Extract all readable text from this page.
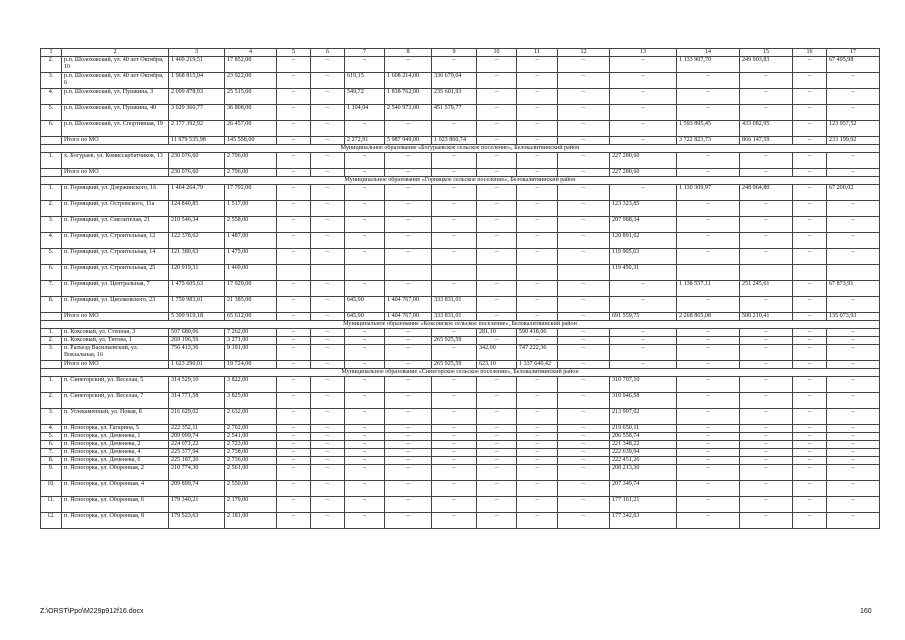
1	2	3	4	5	6	7	8	9	10	11	12	13	14	15	16	17
2.	р.п. Шолоховский, ул. 40 лет Октября, 10	1 469 219,51	17 852,00	–	–	–	–	–	–	–	–	–	1 133 907,70	249 903,83	–	67 495,98
3.	р.п. Шолоховский, ул. 40 лет Октября, 6	1 968 815,04	23 922,00	–	–	619,15	1 608 214,00	336 679,04	–	–	–	–	–	–	–	–
4.	р.п. Шолоховский, ул. Пушкина, 3	2 099 878,93	25 515,00	–	–	549,72	1 838 762,00	235 601,93	–	–	–	–	–	–	–	–
5.	р.п. Шолоховский, ул. Пушкина, 40	3 029 360,77	36 808,00	–	–	1 104,04	2 540 973,00	451 579,77	–	–	–	–	–	–	–	–
6.	р.п. Шолоховский, ул. Спортивная, 19	2 177 392,92	26 457,00	–	–	–	–	–	–	–	–	–	1 593 895,45	433 082,95	–	123 957,52
	Итого по МО	11 979 535,98	145 558,00	–	–	2 272,91	5 987 949,00	1 023 860,74	–	–	–	–	3 722 823,73	866 147,59	–	233 199,92
Муниципальное образование «Богураевское сельское поселение», Белокалитвинский район																
1.	х. Богураев, ул. Комиссарбатчиков, 13	230 076,60	2 796,00	–	–	–	–	–	–	–	–	227 280,60	–	–	–	–
	Итого по МО	230 076,60	2 796,00	–	–	–	–	–	–	–	–	227 280,60	–	–	–	–
Муниципальное образование «Горняцкое сельское поселение», Белокалитвинский район																
1.	п. Горняцкий, ул. Дзержинского, 16	1 464 264,79	17 792,00	–	–	–	–	–	–	–	–	–	1 130 309,97	248 964,80	–	67 200,02
2.	п. Горняцкий, ул. Островского, 11а	124 840,85	1 517,00	–	–	–	–	–	–	–	–	123 323,85	–	–	–	–
3.	п. Горняцкий, ул. Смелителая, 21	210 546,34	2 558,00	–	–	–	–	–	–	–	–	207 988,34	–	–	–	–
4.	п. Горняцкий, ул. Строительная, 12	122 378,62	1 487,00	–	–	–	–	–	–	–	–	120 891,62	–	–	–	–
5.	п. Горняцкий, ул. Строительная, 14	121 380,63	1 475,00	–	–	–	–	–	–	–	–	119 905,63	–	–	–	–
6.	п. Горняцкий, ул. Строительная, 25	120 919,31	1 469,00									119 450,31				
7.	п. Горняцкий, ул. Центральная, 7	1 475 605,63	17 929,00	–	–	–	–	–	–	–	–	–	1 138 557,11	251 245,61	–	67 873,91
8.	п. Горняцкий, ул. Циолковского, 23	1 759 983,01	21 385,00	–	–	645,90	1 404 767,00	333 831,01	–	–	–	–	–	–	–	–
	Итого по МО	5 399 919,18	65 612,00	–	–	645,90	1 404 767,00	333 831,01	–	–	–	691 559,75	2 268 865,08	500 210,41	–	135 073,93
Муниципальное образование «Коксовское сельское поселение», Белокалитвинский район																
1.	п. Коксовый, ул. Степная, 3	597 680,06	7 262,00	–	–	–	–	–	281,10	590 418,06	–	–	–	–	–	–
2.	п. Коксовый, ул. Титова, 1	269 196,59	3 271,00	–	–	–	–	265 925,59	–	–	–	–	–	–	–	–
3.	п. Разъезд Васильевский, ул. Вокзальная, 16	756 413,36	9 191,00	–	–	–	–	–	342,00	747 222,36	–	–	–	–	–	–
	Итого по МО	1 623 290,01	19 724,00	–	–	–	–	265 925,59	623,10	1 337 640,42	–	–	–	–	–	–
Муниципальное образование «Синегорское сельское поселение», Белокалитвинский район																
1.	п. Синегорский, ул. Веселая, 5	314 529,10	3 822,00	–	–	–	–	–	–	–	–	310 707,10	–	–	–	–
2.	п. Синегорский, ул. Веселая, 7	314 771,58	3 825,00	–	–	–	–	–	–	–	–	310 946,58	–	–	–	–
3.	п. Углекаменный, ул. Новая, 8	216 629,02	2 632,00	–	–	–	–	–	–	–	–	213 997,02	–	–	–	–
4.	п. Ясногорка, ул. Гагарина, 5	222 352,11	2 702,00	–	–	–	–	–	–	–	–	219 650,11	–	–	–	–
5.	п. Ясногорка, ул. Деменева, 1	209 099,74	2 541,00	–	–	–	–	–	–	–	–	206 558,74	–	–	–	–
6.	п. Ясногорка, ул. Деменева, 2	224 071,22	2 723,00	–	–	–	–	–	–	–	–	221 348,22	–	–	–	–
7.	п. Ясногорка, ул. Деменева, 4	225 377,94	2 738,00	–	–	–	–	–	–	–	–	222 639,94	–	–	–	–
8.	п. Ясногорка, ул. Деменева, 6	225 187,26	2 736,00	–	–	–	–	–	–	–	–	222 451,26	–	–	–	–
9.	п. Ясногорка, ул. Оборонная, 2	210 774,30	2 561,00	–	–	–	–	–	–	–	–	208 213,30	–	–	–	–
10.	п. Ясногорка, ул. Оборонная, 4	209 899,74	2 550,00	–	–	–	–	–	–	–	–	207 349,74	–	–	–	–
11.	п. Ясногорка, ул. Оборонная, 6	179 340,21	2 179,00	–	–	–	–	–	–	–	–	177 161,21	–	–	–	–
12.	п. Ясногорка, ул. Оборонная, 8	179 523,63	2 181,00	–	–	–	–	–	–	–	–	177 342,63	–	–	–	–
Z:\ORST\Ppo\M229p912f16.docx	160
